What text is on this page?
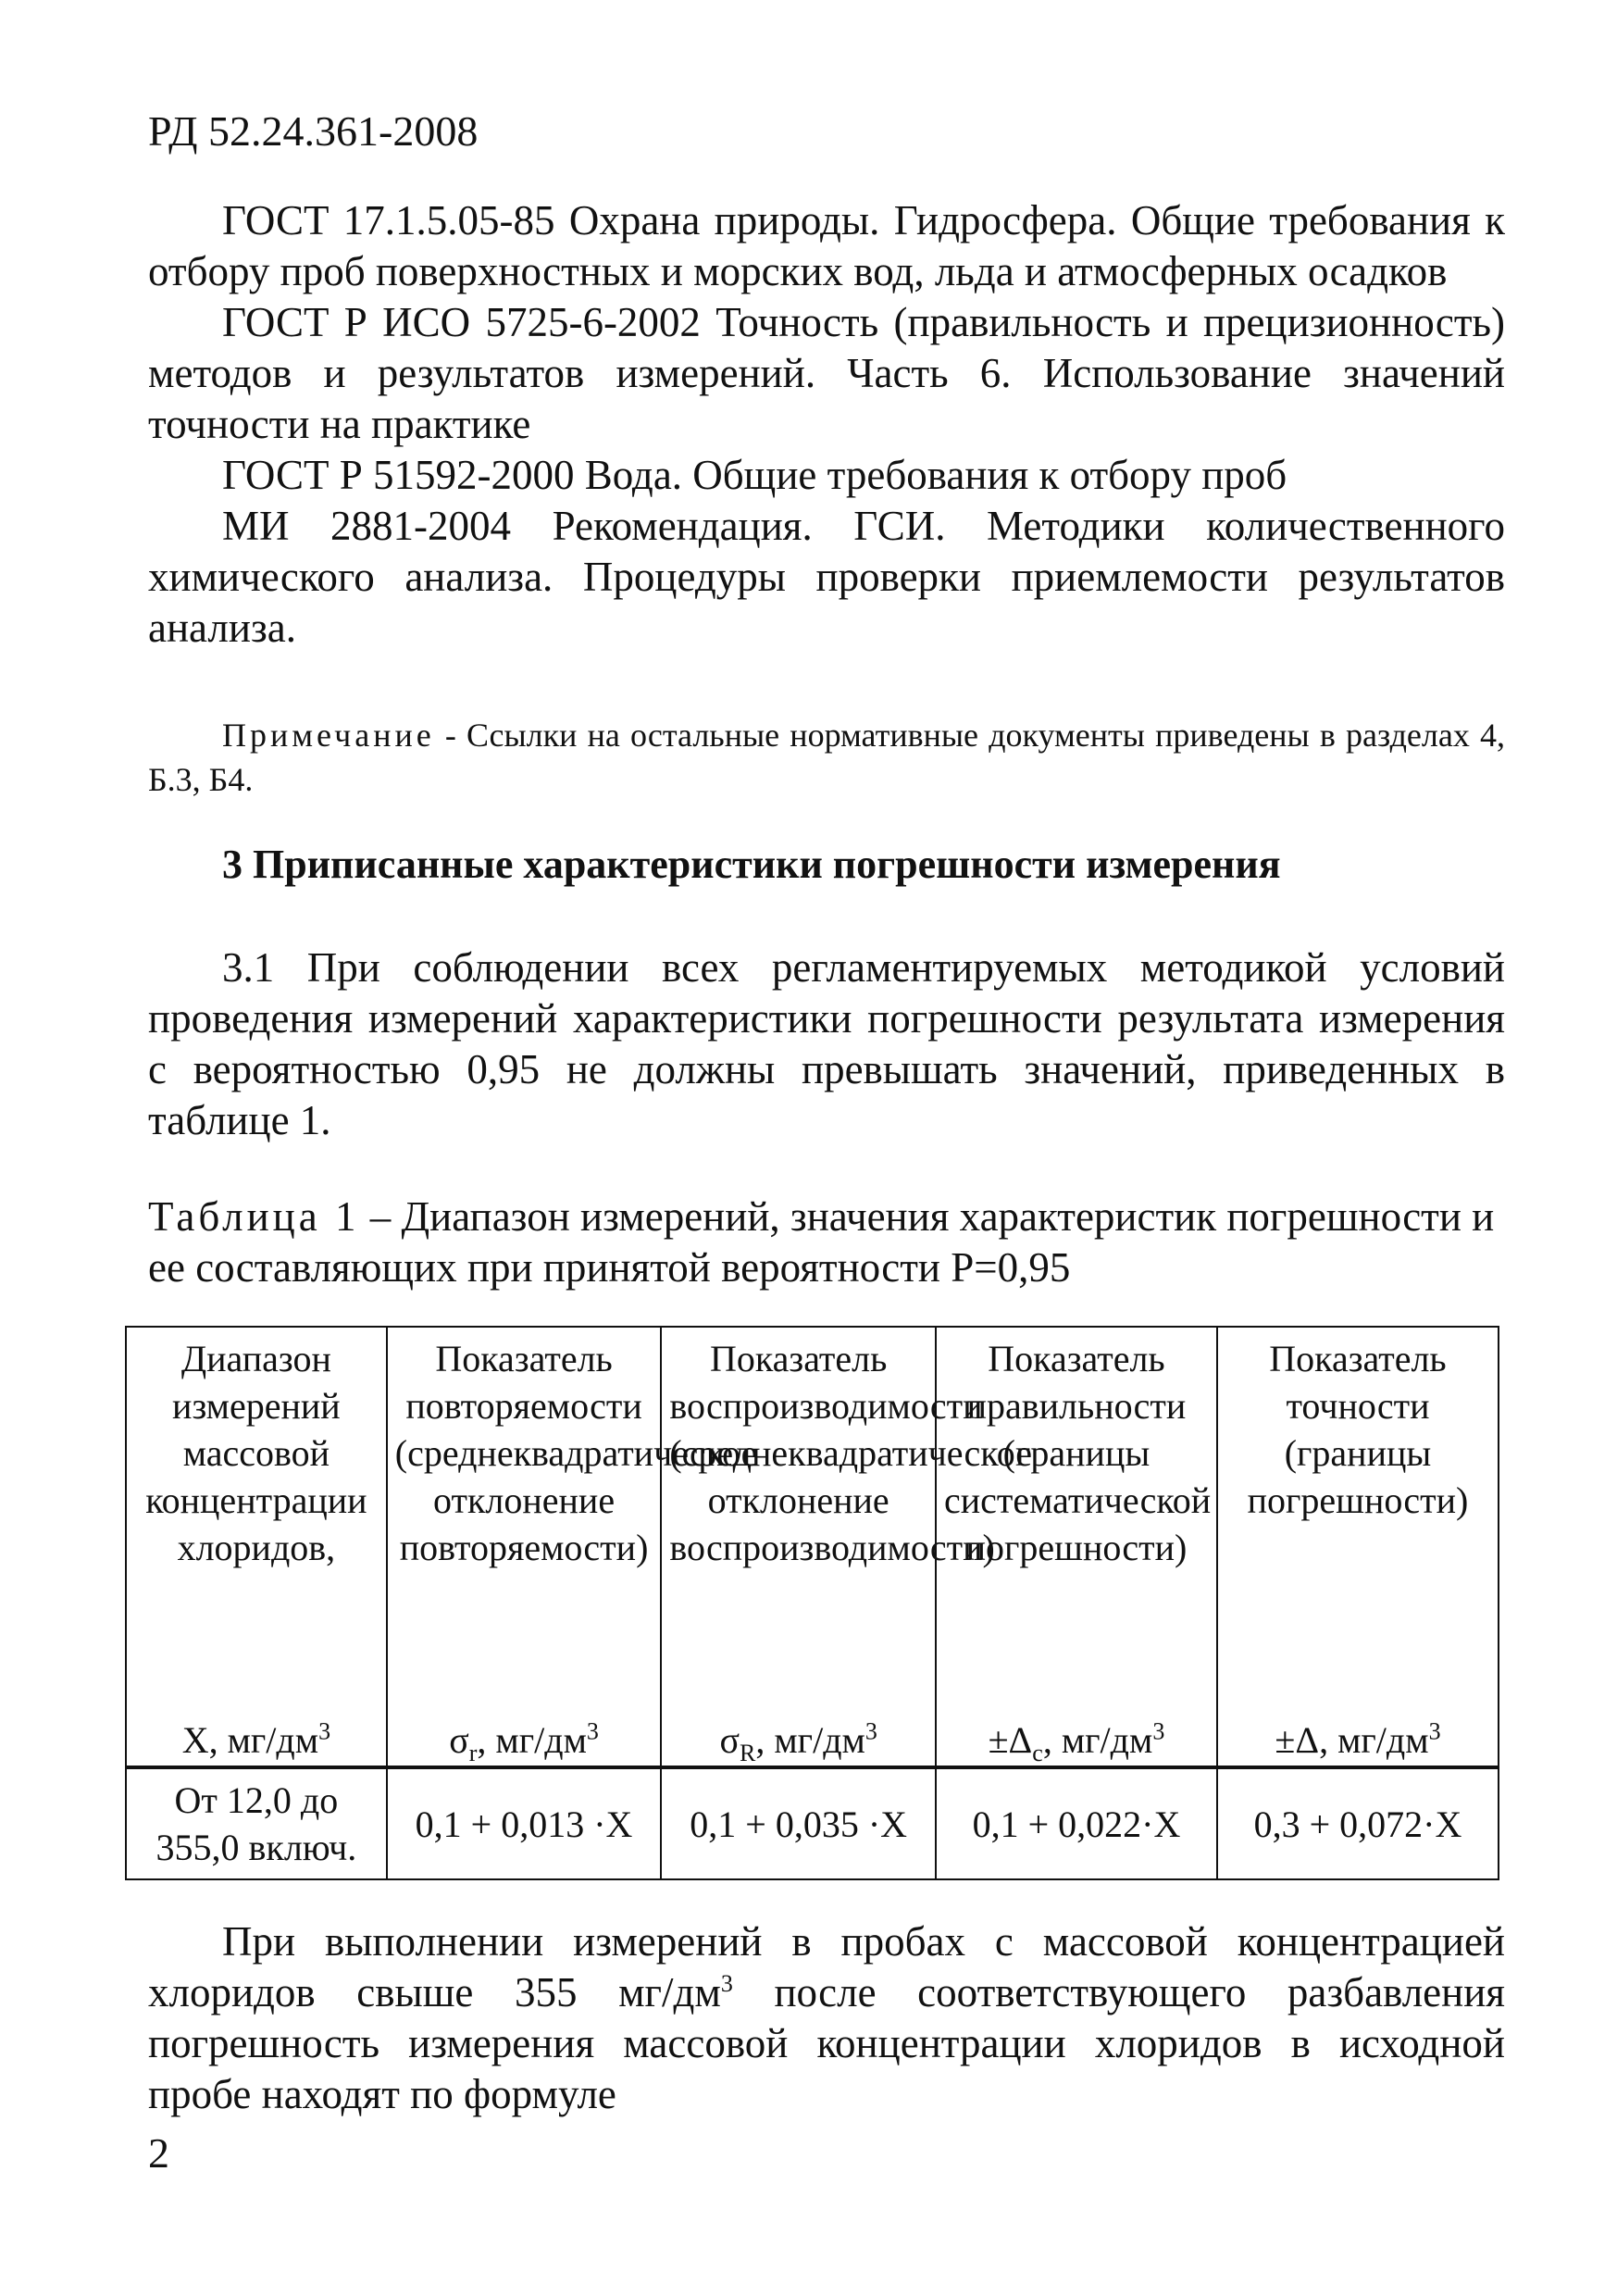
РД 52.24.361-2008

ГОСТ 17.1.5.05-85 Охрана природы. Гидросфера. Общие требования к отбору проб поверхностных и морских вод, льда и атмосферных осадков

ГОСТ Р ИСО 5725-6-2002 Точность (правильность и прецизионность) методов и результатов измерений. Часть 6. Использование значений точности на практике

ГОСТ Р 51592-2000 Вода. Общие требования к отбору проб

МИ 2881-2004 Рекомендация. ГСИ. Методики количественного химического анализа. Процедуры проверки приемлемости результатов анализа.

Примечание - Ссылки на остальные нормативные документы приведены в разделах 4, Б.3, Б4.
3 Приписанные характеристики погрешности измерения

3.1 При соблюдении всех регламентируемых методикой условий проведения измерений характеристики погрешности результата измерения с вероятностью 0,95 не должны превышать значений, приведенных в таблице 1.

Таблица 1 – Диапазон измерений, значения характеристик погрешности и ее составляющих при принятой вероятности Р=0,95
Диапазон измерений массовой концентрации хлоридов,	Показатель повторяемости (среднеквадратическое отклонение повторяемости)	Показатель воспроизводимости (среднеквадратическое отклонение воспроизводимости)	Показатель правильности (границы систематической погрешности)	Показатель точности (границы погрешности)
X, $мг/дм^3$	$\sigma_r$, $мг/дм^3$	$\sigma_R$, $мг/дм^3$	$\pm\Delta_c$, $мг/дм^3$	±Δ, $мг/дм^3$
От 12,0 до 355,0 включ.	0,1 + 0,013 ·X	0,1 + 0,035 ·X	0,1 + 0,022·X	0,3 + 0,072·X

При выполнении измерений в пробах с массовой концентрацией хлоридов свыше 355 $мг/дм^3$ после соответствующего разбавления погрешность измерения массовой концентрации хлоридов в исходной пробе находят по формуле

2
